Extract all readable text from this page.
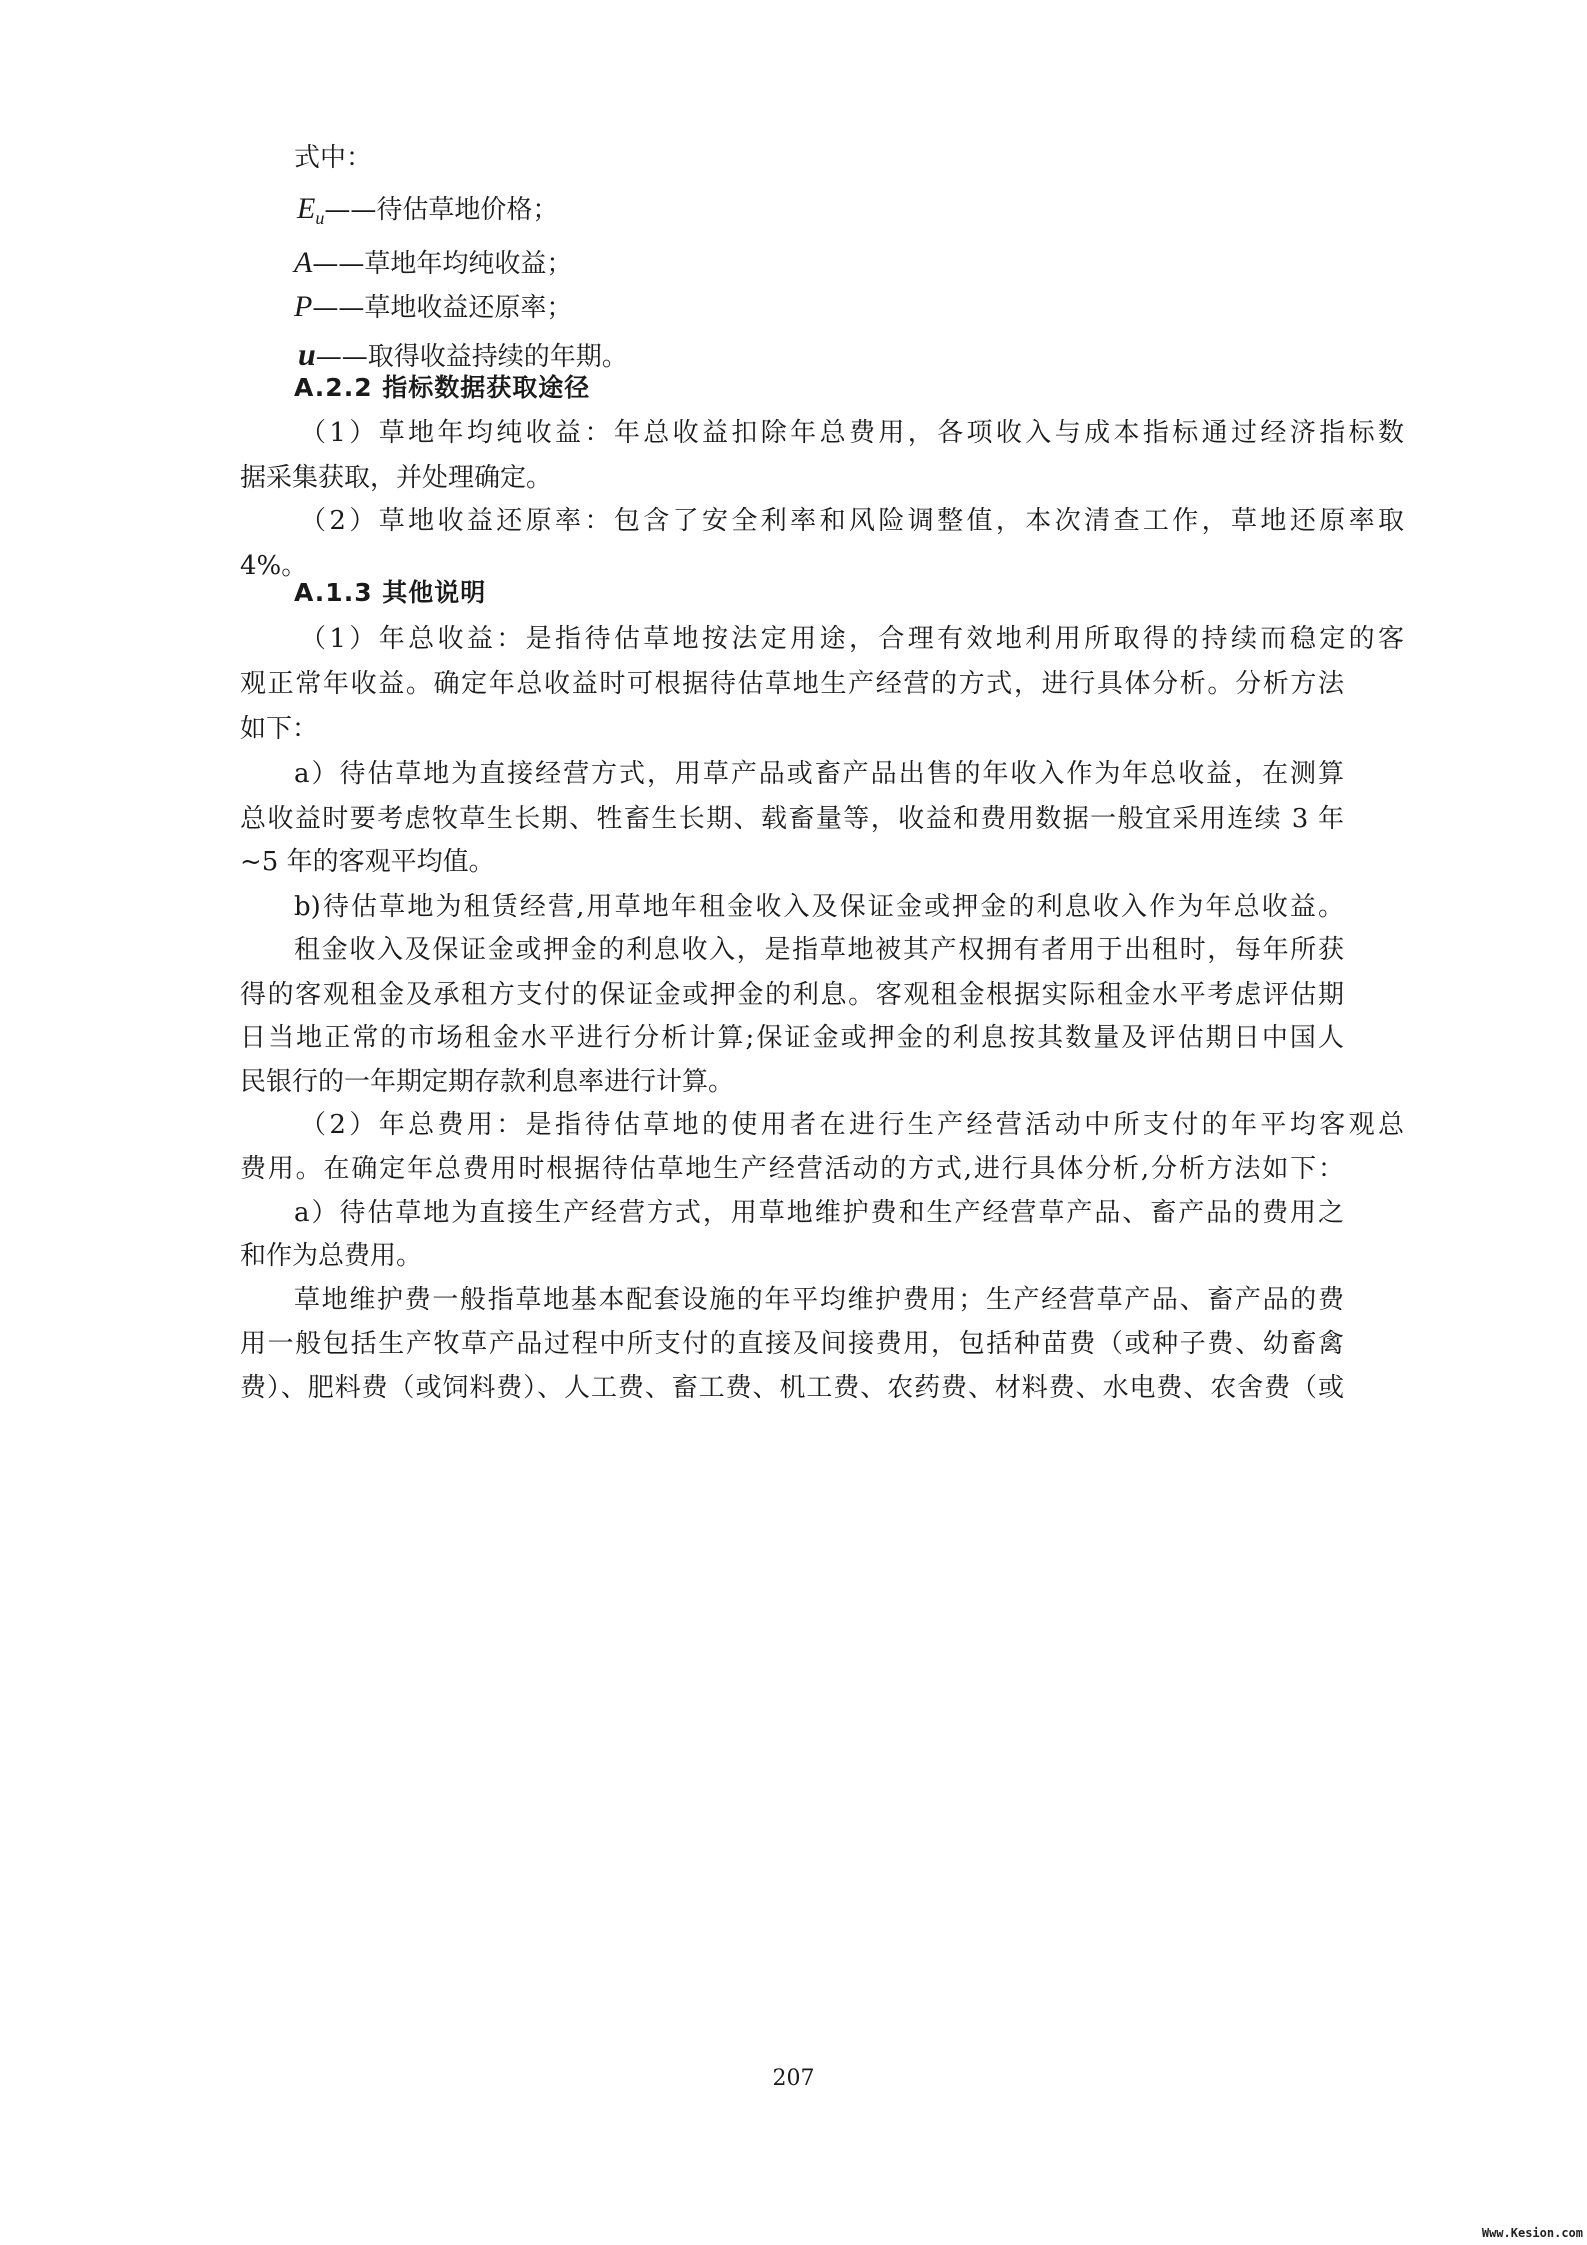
式中：
$E_u——$待估草地价格；
A——草地年均纯收益；
P——草地收益还原率；
u——取得收益持续的年期。
A.2.2 指标数据获取途径
（1）草地年均纯收益：年总收益扣除年总费用，各项收入与成本指标通过经济指标数
据采集获取，并处理确定。
（2）草地收益还原率：包含了安全利率和风险调整值，本次清查工作，草地还原率取
4%。
A.1.3 其他说明
（1）年总收益：是指待估草地按法定用途，合理有效地利用所取得的持续而稳定的客
观正常年收益。确定年总收益时可根据待估草地生产经营的方式，进行具体分析。分析方法
如下：
a）待估草地为直接经营方式，用草产品或畜产品出售的年收入作为年总收益，在测算
总收益时要考虑牧草生长期、牲畜生长期、载畜量等，收益和费用数据一般宜采用连续 3 年
~5 年的客观平均值。
b)待估草地为租赁经营,用草地年租金收入及保证金或押金的利息收入作为年总收益。
租金收入及保证金或押金的利息收入，是指草地被其产权拥有者用于出租时，每年所获
得的客观租金及承租方支付的保证金或押金的利息。客观租金根据实际租金水平考虑评估期
日当地正常的市场租金水平进行分析计算;保证金或押金的利息按其数量及评估期日中国人
民银行的一年期定期存款利息率进行计算。
（2）年总费用：是指待估草地的使用者在进行生产经营活动中所支付的年平均客观总
费用。在确定年总费用时根据待估草地生产经营活动的方式,进行具体分析,分析方法如下：
a）待估草地为直接生产经营方式，用草地维护费和生产经营草产品、畜产品的费用之
和作为总费用。
草地维护费一般指草地基本配套设施的年平均维护费用；生产经营草产品、畜产品的费
用一般包括生产牧草产品过程中所支付的直接及间接费用，包括种苗费（或种子费、幼畜禽
费）、肥料费（或饲料费）、人工费、畜工费、机工费、农药费、材料费、水电费、农舍费（或
207
Www.Kesion.com
